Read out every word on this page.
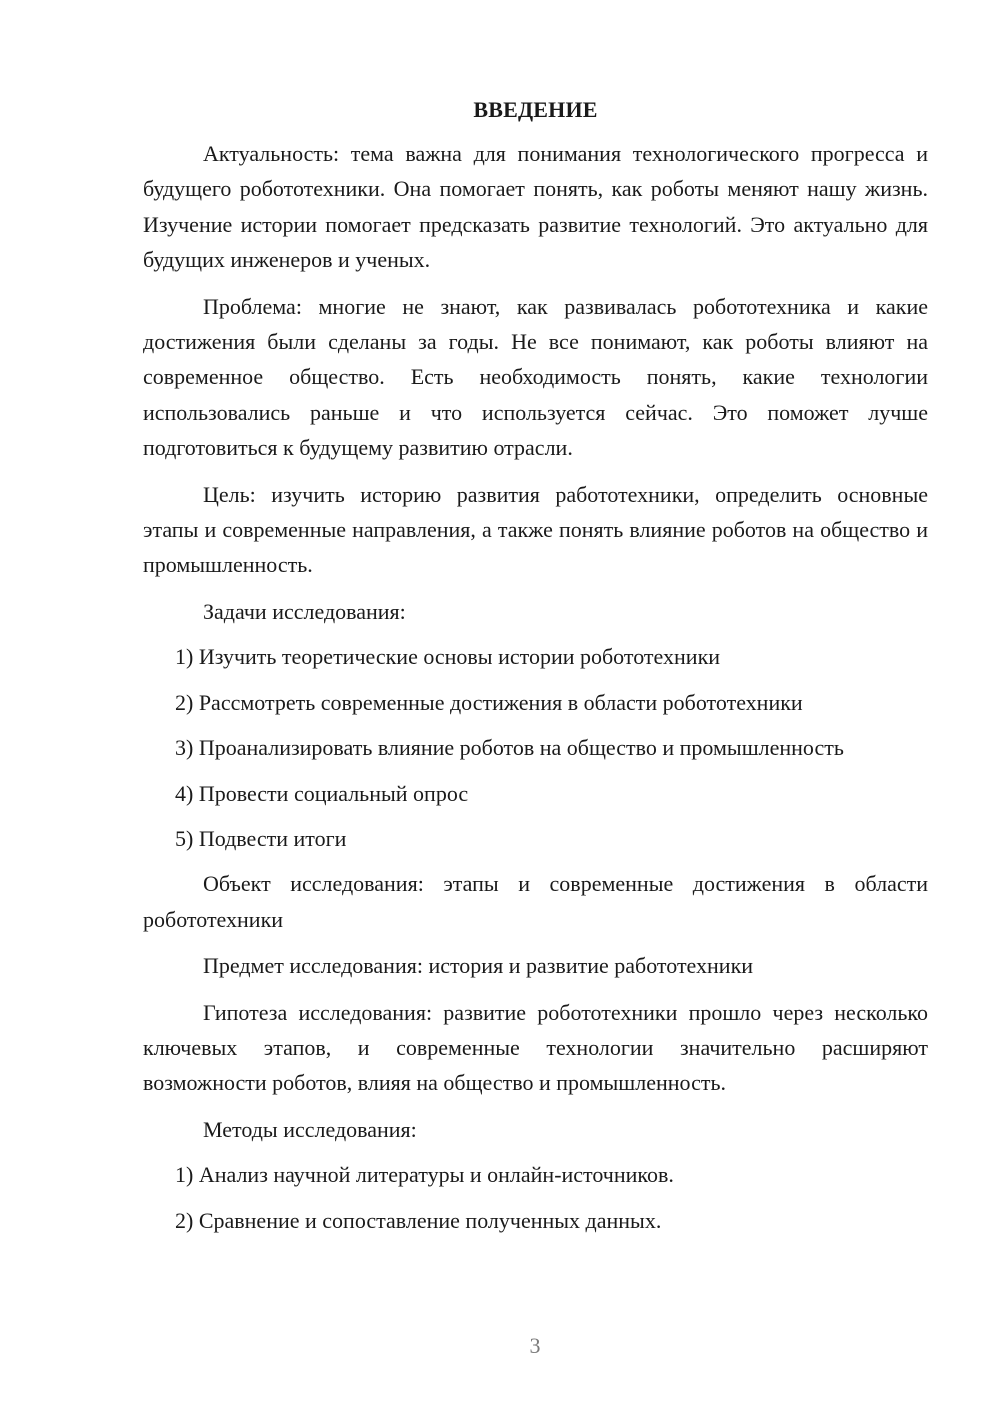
ВВЕДЕНИЕ

Актуальность: тема важна для понимания технологического прогресса и будущего робототехники. Она помогает понять, как роботы меняют нашу жизнь. Изучение истории помогает предсказать развитие технологий. Это актуально для будущих инженеров и ученых.

Проблема: многие не знают, как развивалась робототехника и какие достижения были сделаны за годы. Не все понимают, как роботы влияют на современное общество. Есть необходимость понять, какие технологии использовались раньше и что используется сейчас. Это поможет лучше подготовиться к будущему развитию отрасли.

Цель: изучить историю развития работотехники, определить основные этапы и современные направления, а также понять влияние роботов на общество и промышленность.

Задачи исследования:

1) Изучить теоретические основы истории робототехники

2) Рассмотреть современные достижения в области робототехники

3) Проанализировать влияние роботов на общество и промышленность

4) Провести социальный опрос

5) Подвести итоги

Объект исследования: этапы и современные достижения в области робототехники

Предмет исследования: история и развитие работотехники

Гипотеза исследования: развитие робототехники прошло через несколько ключевых этапов, и современные технологии значительно расширяют возможности роботов, влияя на общество и промышленность.

Методы исследования:

1) Анализ научной литературы и онлайн-источников.

2) Сравнение и сопоставление полученных данных.

3
